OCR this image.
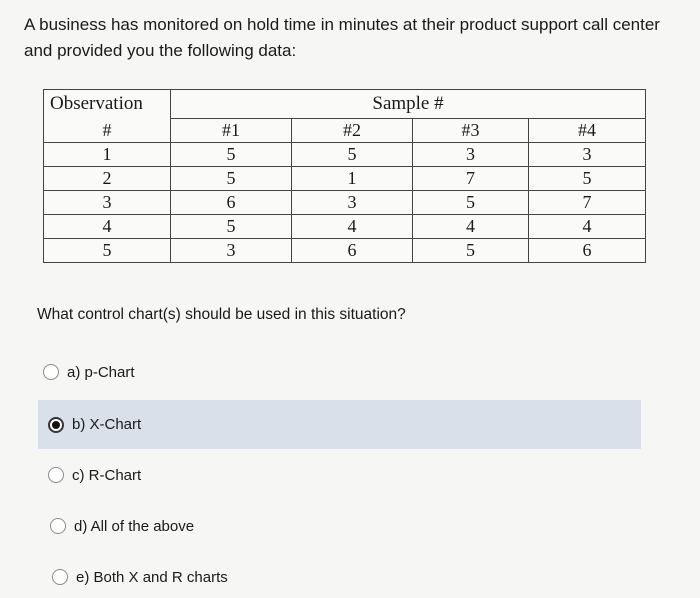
A business has monitored on hold time in minutes at their product support call center and provided you the following data:
Observation	Sample #			
#	#1	#2	#3	#4
1	5	5	3	3
2	5	1	7	5
3	6	3	5	7
4	5	4	4	4
5	3	6	5	6
What control chart(s) should be used in this situation?
a) p-Chart
b) X-Chart
c) R-Chart
d) All of the above
e) Both X and R charts
